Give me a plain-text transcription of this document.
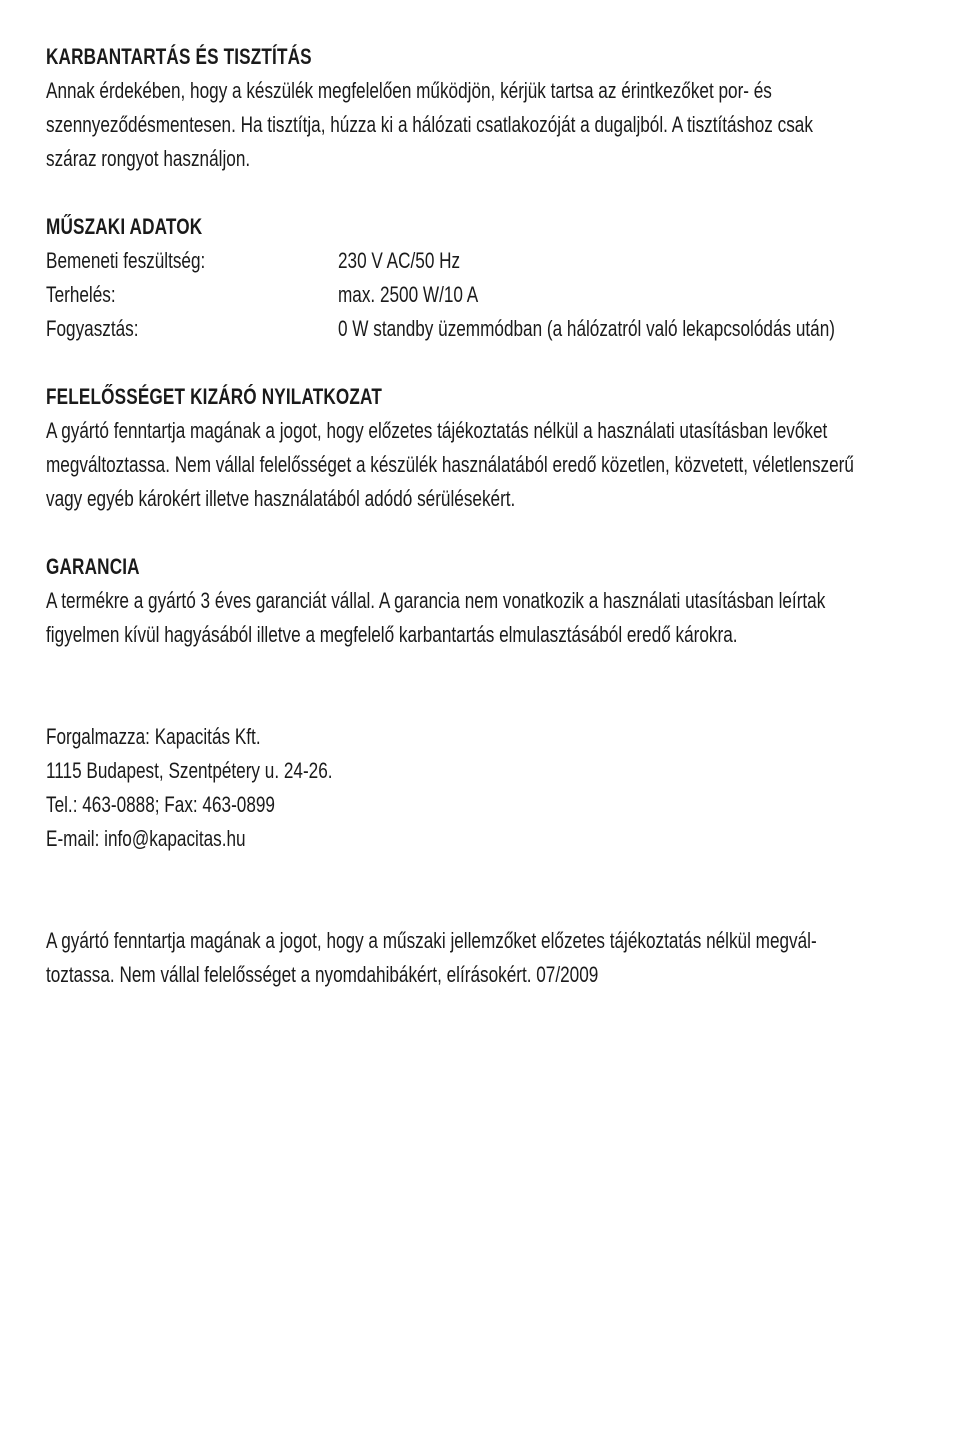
KARBANTARTÁS ÉS TISZTÍTÁS
Annak érdekében, hogy a készülék megfelelően működjön, kérjük tartsa az érintkezőket por- és
szennyeződésmentesen. Ha tisztítja, húzza ki a hálózati csatlakozóját a dugaljból. A tisztításhoz csak
száraz rongyot használjon.
MŰSZAKI ADATOK
Bemeneti feszültség:	230 V AC/50 Hz
Terhelés:	max. 2500 W/10 A
Fogyasztás:	0 W standby üzemmódban (a hálózatról való lekapcsolódás után)
FELELŐSSÉGET KIZÁRÓ NYILATKOZAT
A gyártó fenntartja magának a jogot, hogy előzetes tájékoztatás nélkül a használati utasításban levőket
megváltoztassa. Nem vállal felelősséget a készülék használatából eredő közetlen, közvetett, véletlenszerű
vagy egyéb károkért illetve használatából adódó sérülésekért.
GARANCIA
A termékre a gyártó 3 éves garanciát vállal. A garancia nem vonatkozik a használati utasításban leírtak
figyelmen kívül hagyásából illetve a megfelelő karbantartás elmulasztásából eredő károkra.
Forgalmazza: Kapacitás Kft.
1115 Budapest, Szentpétery u. 24-26.
Tel.: 463-0888; Fax: 463-0899
E-mail: info@kapacitas.hu
A gyártó fenntartja magának a jogot, hogy a műszaki jellemzőket előzetes tájékoztatás nélkül megvál-
toztassa. Nem vállal felelősséget a nyomdahibákért, elírásokért. 07/2009
